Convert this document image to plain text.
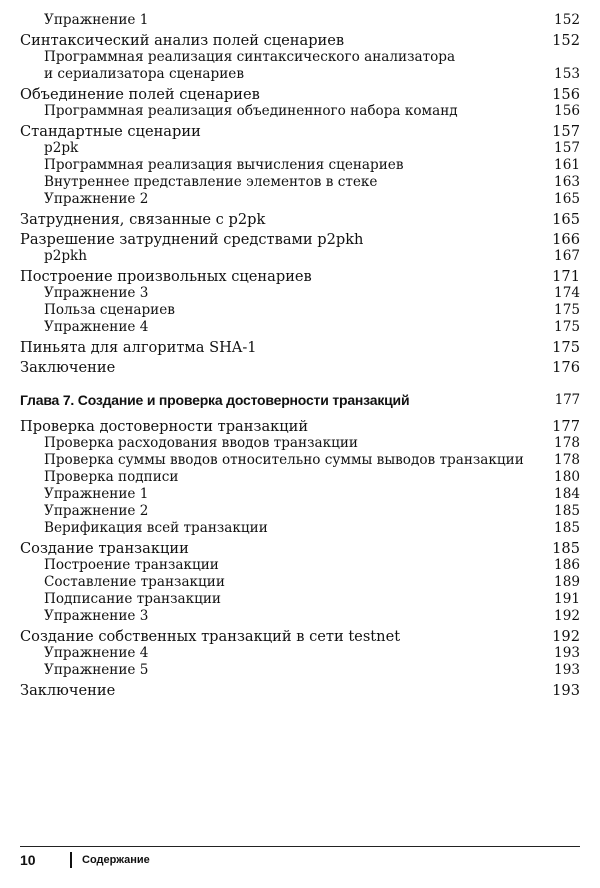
Упражнение 1	152
Синтаксический анализ полей сценариев	152
Программная реализация синтаксического анализатора
и сериализатора сценариев	153
Объединение полей сценариев	156
Программная реализация объединенного набора команд	156
Стандартные сценарии	157
p2pk	157
Программная реализация вычисления сценариев	161
Внутреннее представление элементов в стеке	163
Упражнение 2	165
Затруднения, связанные с p2pk	165
Разрешение затруднений средствами p2pkh	166
p2pkh	167
Построение произвольных сценариев	171
Упражнение 3	174
Польза сценариев	175
Упражнение 4	175
Пиньята для алгоритма SHA-1	175
Заключение	176
Глава 7. Создание и проверка достоверности транзакций	177
Проверка достоверности транзакций	177
Проверка расходования вводов транзакции	178
Проверка суммы вводов относительно суммы выводов транзакции	178
Проверка подписи	180
Упражнение 1	184
Упражнение 2	185
Верификация всей транзакции	185
Создание транзакции	185
Построение транзакции	186
Составление транзакции	189
Подписание транзакции	191
Упражнение 3	192
Создание собственных транзакций в сети testnet	192
Упражнение 4	193
Упражнение 5	193
Заключение	193
10	Содержание
